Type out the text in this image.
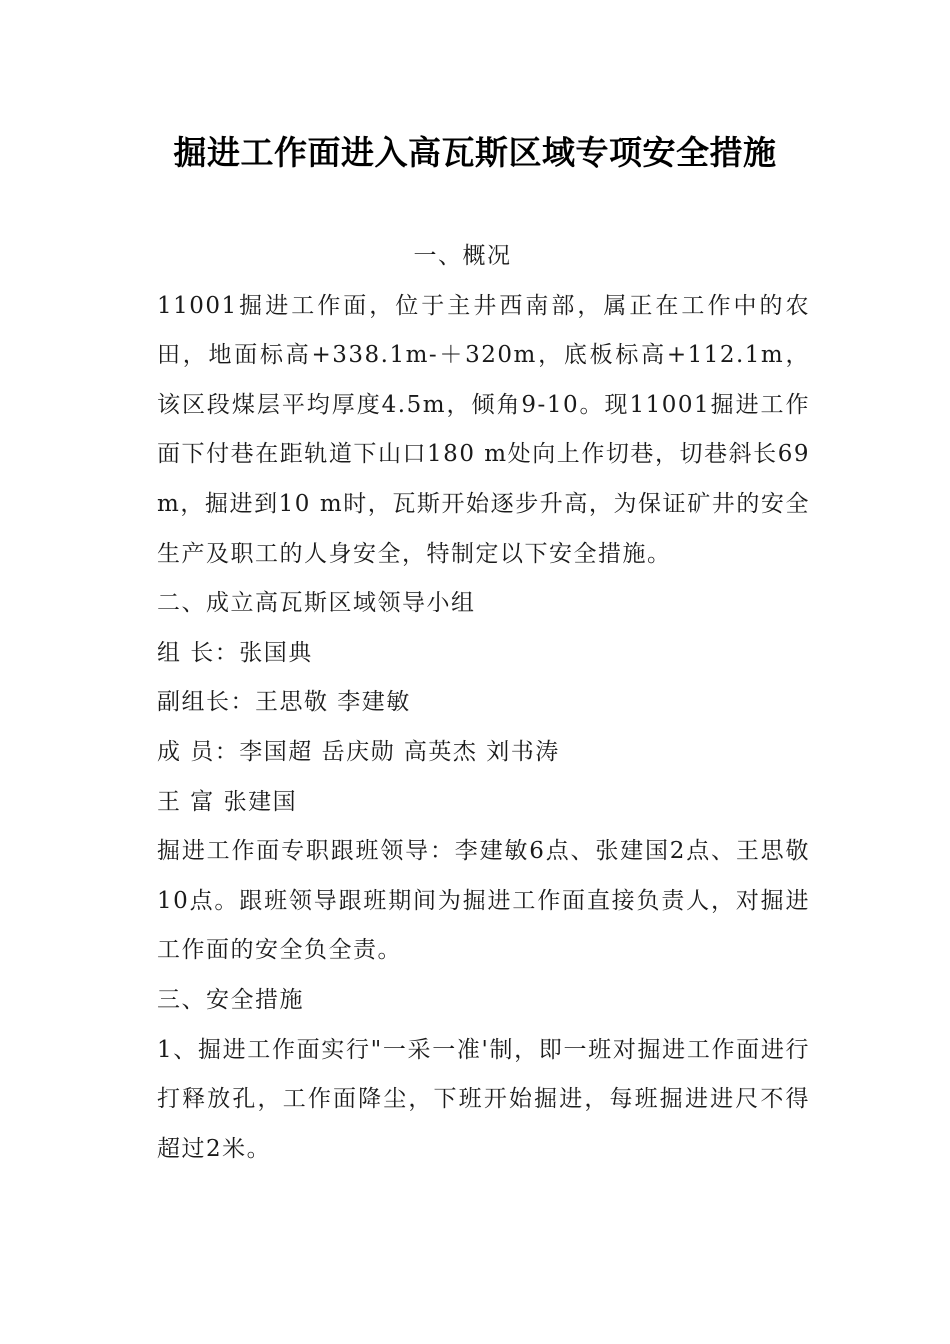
掘进工作面进入高瓦斯区域专项安全措施

一、概况

11001掘进工作面，位于主井西南部，属正在工作中的农田，地面标高+338.1m-＋320m，底板标高+112.1m，该区段煤层平均厚度4.5m，倾角9-10。现11001掘进工作面下付巷在距轨道下山口180 m处向上作切巷，切巷斜长69 m，掘进到10 m时，瓦斯开始逐步升高，为保证矿井的安全生产及职工的人身安全，特制定以下安全措施。

二、成立高瓦斯区域领导小组

组 长：张国典

副组长：王思敬 李建敏

成 员：李国超 岳庆勋 高英杰 刘书涛

王 富 张建国

掘进工作面专职跟班领导：李建敏6点、张建国2点、王思敬10点。跟班领导跟班期间为掘进工作面直接负责人，对掘进工作面的安全负全责。

三、安全措施

1、掘进工作面实行"一采一准'制，即一班对掘进工作面进行打释放孔，工作面降尘，下班开始掘进，每班掘进进尺不得超过2米。
